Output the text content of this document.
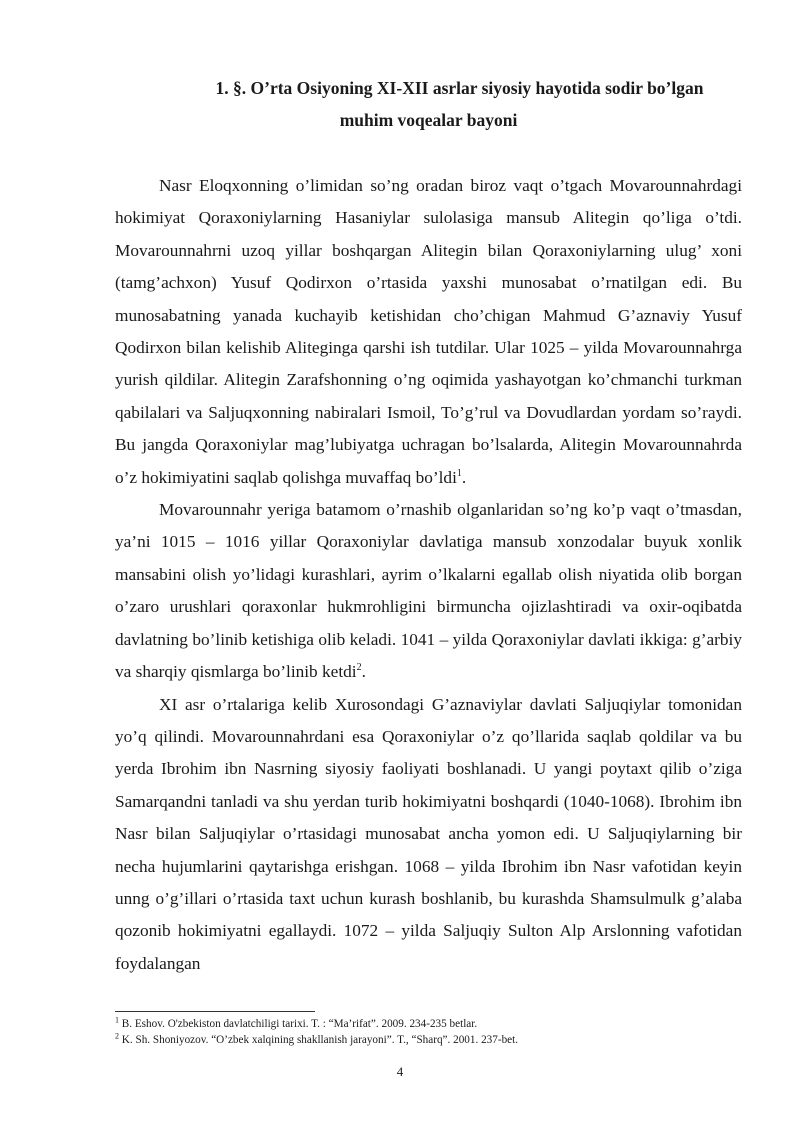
1. §. O’rta Osiyoning XI-XII asrlar siyosiy hayotida sodir bo’lgan
muhim voqealar bayoni

Nasr Eloqxonning o’limidan so’ng oradan biroz vaqt o’tgach Movarounnahrdagi hokimiyat Qoraxoniylarning Hasaniylar sulolasiga mansub Alitegin qo’liga o’tdi. Movarounnahrni uzoq yillar boshqargan Alitegin bilan Qoraxoniylarning ulug’ xoni (tamg’achxon) Yusuf Qodirxon o’rtasida yaxshi munosabat o’rnatilgan edi. Bu munosabatning yanada kuchayib ketishidan cho’chigan Mahmud G’aznaviy Yusuf Qodirxon bilan kelishib Aliteginga qarshi ish tutdilar. Ular 1025 – yilda Movarounnahrga yurish qildilar. Alitegin Zarafshonning o’ng oqimida yashayotgan ko’chmanchi turkman qabilalari va Saljuqxonning nabiralari Ismoil, To’g’rul va Dovudlardan yordam so’raydi. Bu jangda Qoraxoniylar mag’lubiyatga uchragan bo’lsalarda, Alitegin Movarounnahrda o’z hokimiyatini saqlab qolishga muvaffaq bo’ldi$^1$.

Movarounnahr yeriga batamom o’rnashib olganlaridan so’ng ko’p vaqt o’tmasdan, ya’ni 1015 – 1016 yillar Qoraxoniylar davlatiga mansub xonzodalar buyuk xonlik mansabini olish yo’lidagi kurashlari, ayrim o’lkalarni egallab olish niyatida olib borgan o’zaro urushlari qoraxonlar hukmrohligini birmuncha ojizlashtiradi va oxir-oqibatda davlatning bo’linib ketishiga olib keladi. 1041 – yilda Qoraxoniylar davlati ikkiga: g’arbiy va sharqiy qismlarga bo’linib ketdi$^2$.

XI asr o’rtalariga kelib Xurosondagi G’aznaviylar davlati Saljuqiylar tomonidan yo’q qilindi. Movarounnahrdani esa Qoraxoniylar o’z qo’llarida saqlab qoldilar va bu yerda Ibrohim ibn Nasrning siyosiy faoliyati boshlanadi. U yangi poytaxt qilib o’ziga Samarqandni tanladi va shu yerdan turib hokimiyatni boshqardi (1040-1068). Ibrohim ibn Nasr bilan Saljuqiylar o’rtasidagi munosabat ancha yomon edi. U Saljuqiylarning bir necha hujumlarini qaytarishga erishgan. 1068 – yilda Ibrohim ibn Nasr vafotidan keyin unng o’g’illari o’rtasida taxt uchun kurash boshlanib, bu kurashda Shamsulmulk g’alaba qozonib hokimiyatni egallaydi. 1072 – yilda Saljuqiy Sulton Alp Arslonning vafotidan foydalangan

$^1$ B. Eshov. O'zbekiston davlatchiligi tarixi. T. : “Ma’rifat”. 2009. 234-235 betlar.

$^2$ K. Sh. Shoniyozov. “O’zbek xalqining shakllanish jarayoni”. T., “Sharq”. 2001. 237-bet.

4
